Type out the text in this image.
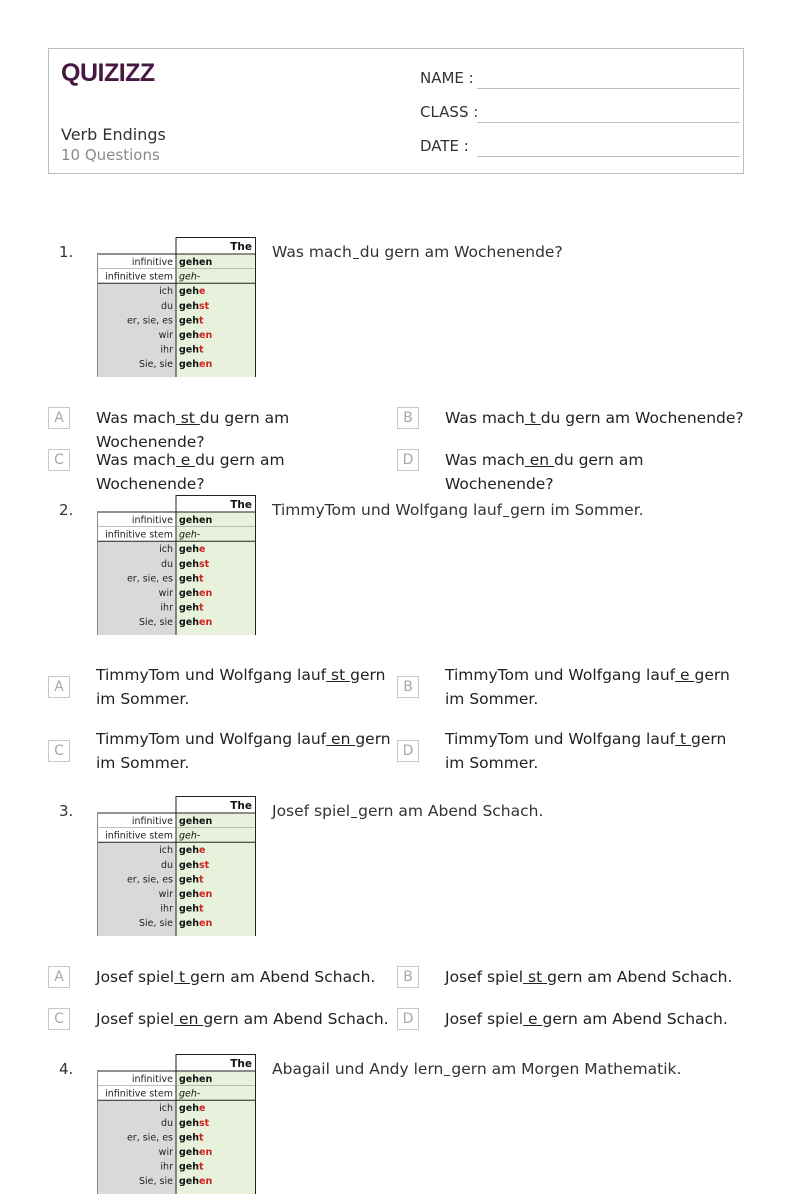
QUIZIZZ
Verb Endings
10 Questions
NAME :
CLASS :
DATE :
1.	The
infinitive gehen
infinitive stem geh-
ich gehe
du gehst
er, sie, es geht
wir gehen
ihr geht
Sie, sie gehen
Was mach du gern am Wochenende?
A	Was mach st du gern am Wochenende?
B	Was mach t du gern am Wochenende?
C	Was mach e du gern am Wochenende?
D	Was mach en du gern am Wochenende?
2.	The
infinitive gehen
infinitive stem geh-
ich gehe
du gehst
er, sie, es geht
wir gehen
ihr geht
Sie, sie gehen
TimmyTom und Wolfgang lauf gern im Sommer.
A
TimmyTom und Wolfgang lauf st gern im Sommer.
B
TimmyTom und Wolfgang lauf e gern im Sommer.
C
TimmyTom und Wolfgang lauf en gern im Sommer.
D
TimmyTom und Wolfgang lauf t gern im Sommer.
3.	The
infinitive gehen
infinitive stem geh-
ich gehe
du gehst
er, sie, es geht
wir gehen
ihr geht
Sie, sie gehen
Josef spiel gern am Abend Schach.
A	Josef spiel t gern am Abend Schach.	B	Josef spiel st gern am Abend Schach.
C	Josef spiel en gern am Abend Schach. D	Josef spiel e gern am Abend Schach.
4.	The
infinitive gehen
infinitive stem geh-
ich gehe
du gehst
er, sie, es geht
wir gehen
ihr geht
Sie, sie gehen
Abagail und Andy lern gern am Morgen Mathematik.
